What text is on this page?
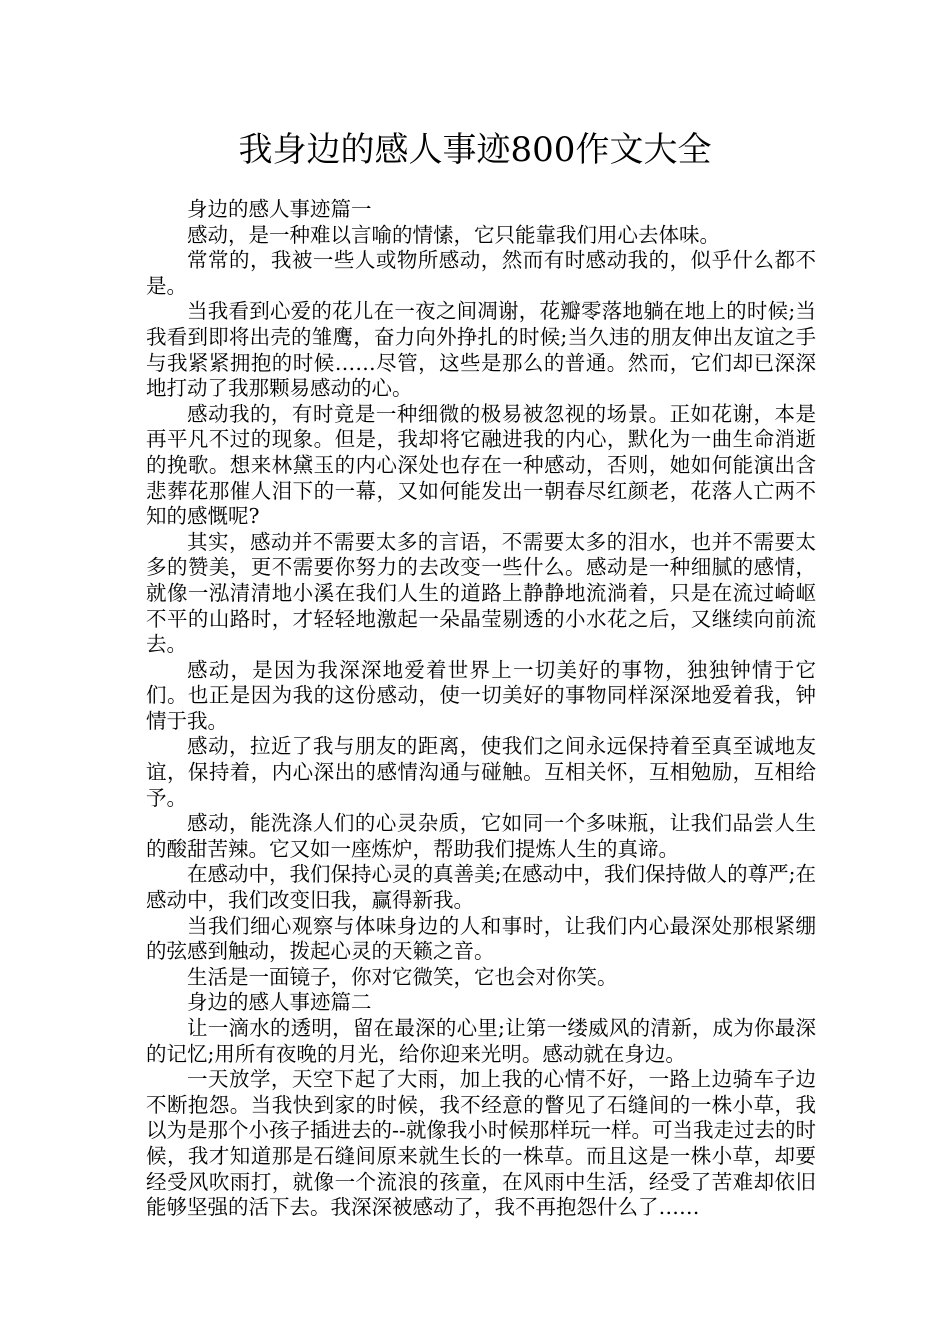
我身边的感人事迹800作文大全

身边的感人事迹篇一

感动，是一种难以言喻的情愫，它只能靠我们用心去体味。

常常的，我被一些人或物所感动，然而有时感动我的，似乎什么都不是。

当我看到心爱的花儿在一夜之间凋谢，花瓣零落地躺在地上的时候;当我看到即将出壳的雏鹰，奋力向外挣扎的时候;当久违的朋友伸出友谊之手与我紧紧拥抱的时候……尽管，这些是那么的普通。然而，它们却已深深地打动了我那颗易感动的心。

感动我的，有时竟是一种细微的极易被忽视的场景。正如花谢，本是再平凡不过的现象。但是，我却将它融进我的内心，默化为一曲生命消逝的挽歌。想来林黛玉的内心深处也存在一种感动，否则，她如何能演出含悲葬花那催人泪下的一幕，又如何能发出一朝春尽红颜老，花落人亡两不知的感慨呢?

其实，感动并不需要太多的言语，不需要太多的泪水，也并不需要太多的赞美，更不需要你努力的去改变一些什么。感动是一种细腻的感情，就像一泓清清地小溪在我们人生的道路上静静地流淌着，只是在流过崎岖不平的山路时，才轻轻地激起一朵晶莹剔透的小水花之后，又继续向前流去。

感动，是因为我深深地爱着世界上一切美好的事物，独独钟情于它们。也正是因为我的这份感动，使一切美好的事物同样深深地爱着我，钟情于我。

感动，拉近了我与朋友的距离，使我们之间永远保持着至真至诚地友谊，保持着，内心深出的感情沟通与碰触。互相关怀，互相勉励，互相给予。

感动，能洗涤人们的心灵杂质，它如同一个多味瓶，让我们品尝人生的酸甜苦辣。它又如一座炼炉，帮助我们提炼人生的真谛。

在感动中，我们保持心灵的真善美;在感动中，我们保持做人的尊严;在感动中，我们改变旧我，赢得新我。

当我们细心观察与体味身边的人和事时，让我们内心最深处那根紧绷的弦感到触动，拨起心灵的天籁之音。

生活是一面镜子，你对它微笑，它也会对你笑。

身边的感人事迹篇二

让一滴水的透明，留在最深的心里;让第一缕威风的清新，成为你最深的记忆;用所有夜晚的月光，给你迎来光明。感动就在身边。

一天放学，天空下起了大雨，加上我的心情不好，一路上边骑车子边不断抱怨。当我快到家的时候，我不经意的瞥见了石缝间的一株小草，我以为是那个小孩子插进去的--就像我小时候那样玩一样。可当我走过去的时候，我才知道那是石缝间原来就生长的一株草。而且这是一株小草，却要经受风吹雨打，就像一个流浪的孩童，在风雨中生活，经受了苦难却依旧能够坚强的活下去。我深深被感动了，我不再抱怨什么了……
